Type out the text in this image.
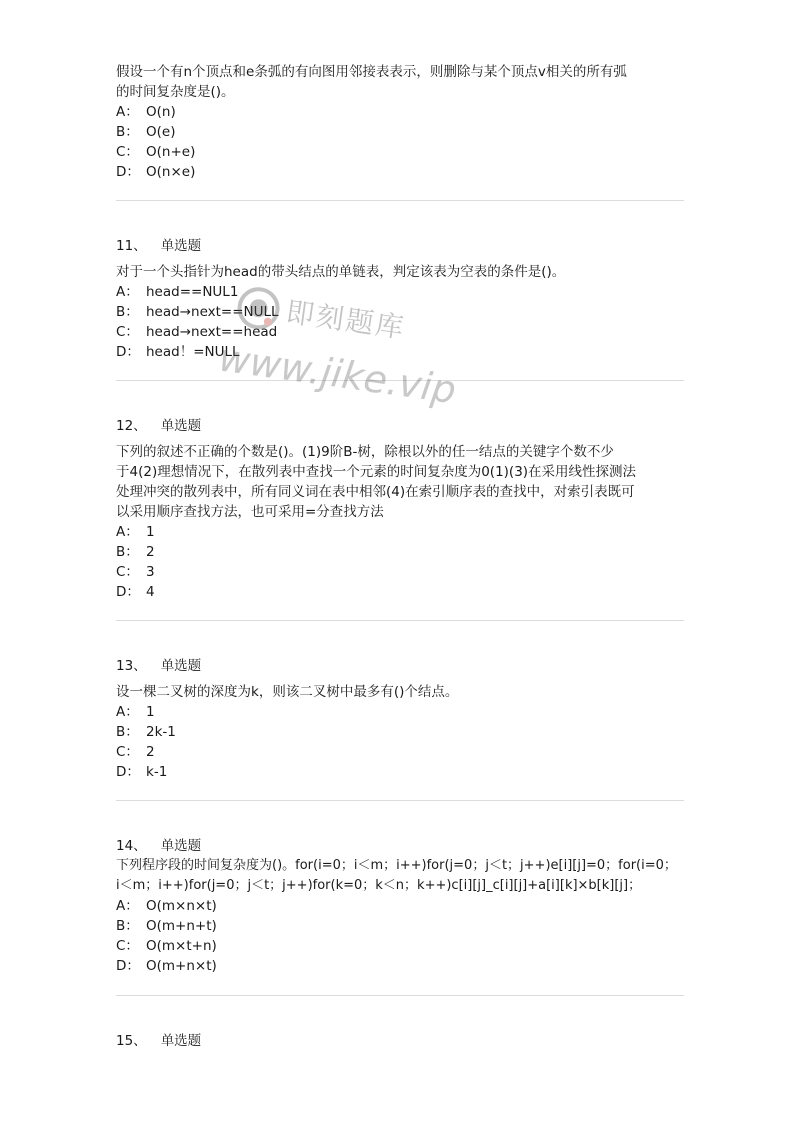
假设一个有n个顶点和e条弧的有向图用邻接表表示，则删除与某个顶点v相关的所有弧
的时间复杂度是()。
A： O(n)
B： O(e)
C： O(n+e)
D： O(n×e)
11、 单选题
对于一个头指针为head的带头结点的单链表，判定该表为空表的条件是()。
A： head==NUL1
B： head→next==NULL
C： head→next==head
D： head！=NULL
12、 单选题
下列的叙述不正确的个数是()。(1)9阶B-树，除根以外的任一结点的关键字个数不少
于4(2)理想情况下，在散列表中查找一个元素的时间复杂度为0(1)(3)在采用线性探测法
处理冲突的散列表中，所有同义词在表中相邻(4)在索引顺序表的查找中，对索引表既可
以采用顺序查找方法，也可采用=分查找方法
A： 1
B： 2
C： 3
D： 4
13、 单选题
设一棵二叉树的深度为k，则该二叉树中最多有()个结点。
A： 1
B： 2k-1
C： 2
D： k-1
14、 单选题
下列程序段的时间复杂度为()。for(i=0；i＜m；i++)for(j=0；j＜t；j++)e[i][j]=0；for(i=0；
i＜m；i++)for(j=0；j＜t；j++)for(k=0；k＜n；k++)c[i][j]_c[i][j]+a[i][k]×b[k][j]；
A： O(m×n×t)
B： O(m+n+t)
C： O(m×t+n)
D： O(m+n×t)
15、 单选题
即刻题库
www.jike.vip
